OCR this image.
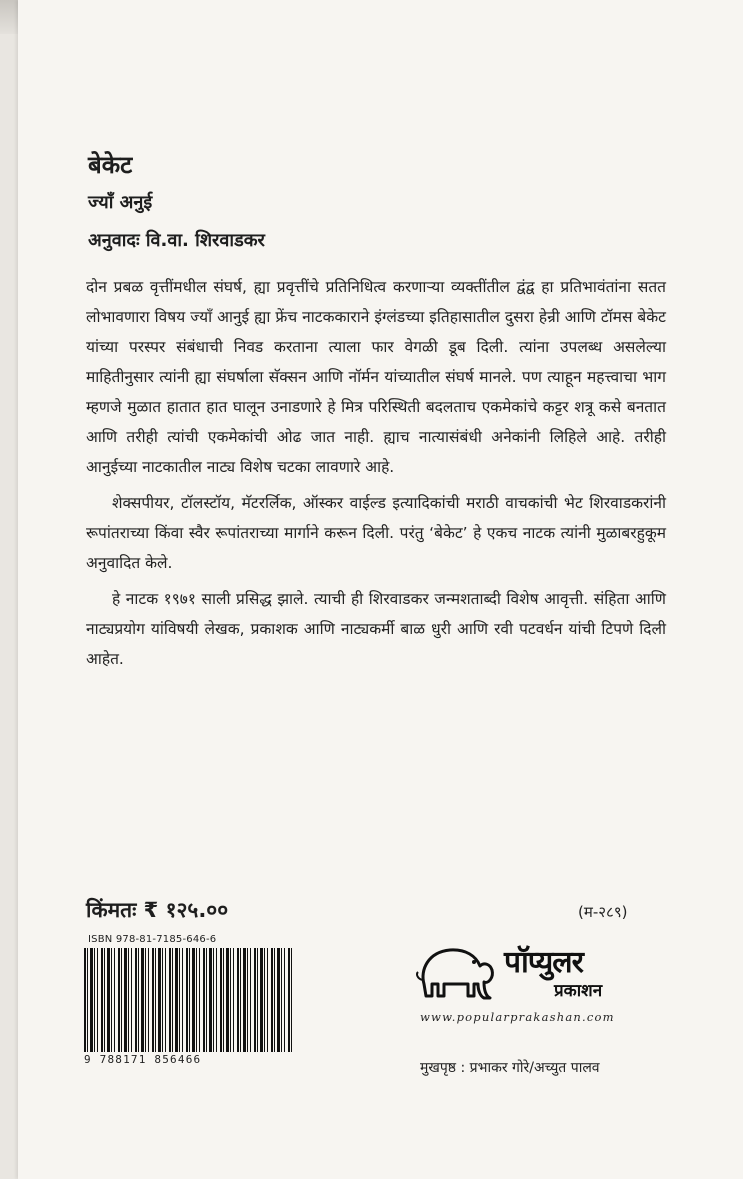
बेकेट
ज्याँ अनुई
अनुवादः वि.वा. शिरवाडकर

दोन प्रबळ वृत्तींमधील संघर्ष, ह्या प्रवृत्तींचे प्रतिनिधित्व करणाऱ्या व्यक्तींतील द्वंद्व हा प्रतिभावंतांना सतत लोभावणारा विषय ज्याँ आनुई ह्या फ्रेंच नाटककाराने इंग्लंडच्या इतिहासातील दुसरा हेन्री आणि टॉमस बेकेट यांच्या परस्पर संबंधाची निवड करताना त्याला फार वेगळी डूब दिली. त्यांना उपलब्ध असलेल्या माहितीनुसार त्यांनी ह्या संघर्षाला सॅक्सन आणि नॉर्मन यांच्यातील संघर्ष मानले. पण त्याहून महत्त्वाचा भाग म्हणजे मुळात हातात हात घालून उनाडणारे हे मित्र परिस्थिती बदलताच एकमेकांचे कट्टर शत्रू कसे बनतात आणि तरीही त्यांची एकमेकांची ओढ जात नाही. ह्याच नात्यासंबंधी अनेकांनी लिहिले आहे. तरीही आनुईच्या नाटकातील नाट्य विशेष चटका लावणारे आहे.

शेक्सपीयर, टॉलस्टॉय, मॅटरर्लिक, ऑस्कर वाईल्ड इत्यादिकांची मराठी वाचकांची भेट शिरवाडकरांनी रूपांतराच्या किंवा स्वैर रूपांतराच्या मार्गाने करून दिली. परंतु ‘बेकेट’ हे एकच नाटक त्यांनी मुळाबरहुकूम अनुवादित केले.

हे नाटक १९७१ साली प्रसिद्ध झाले. त्याची ही शिरवाडकर जन्मशताब्दी विशेष आवृत्ती. संहिता आणि नाट्यप्रयोग यांविषयी लेखक, प्रकाशक आणि नाट्यकर्मी बाळ धुरी आणि रवी पटवर्धन यांची टिपणे दिली आहेत.

किंमतः ₹ १२५.००	(म-२८९)
ISBN 978-81-7185-646-6
9 788171 856466
पॉप्युलर
प्रकाशन
www.popularprakashan.com
मुखपृष्ठ : प्रभाकर गोरे/अच्युत पालव
